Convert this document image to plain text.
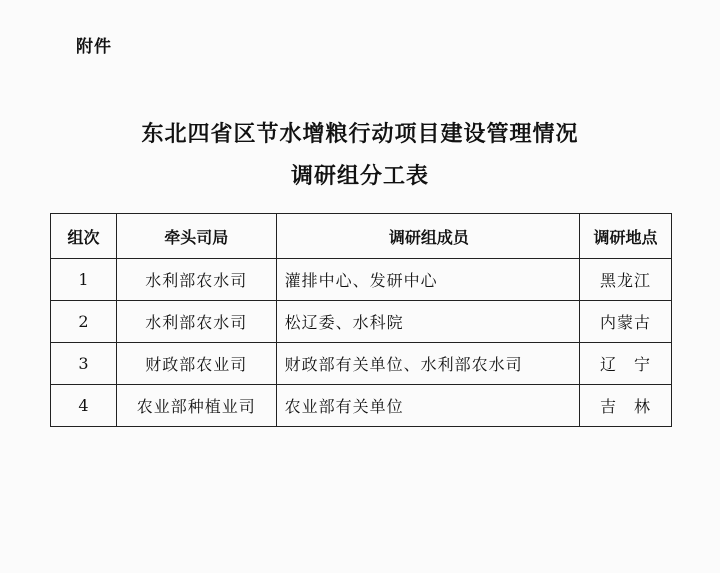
附件
东北四省区节水增粮行动项目建设管理情况
调研组分工表
组次	牵头司局	调研组成员	调研地点
1	水利部农水司	灌排中心、发研中心	黑龙江
2	水利部农水司	松辽委、水科院	内蒙古
3	财政部农业司	财政部有关单位、水利部农水司	辽　宁
4	农业部种植业司	农业部有关单位	吉　林
